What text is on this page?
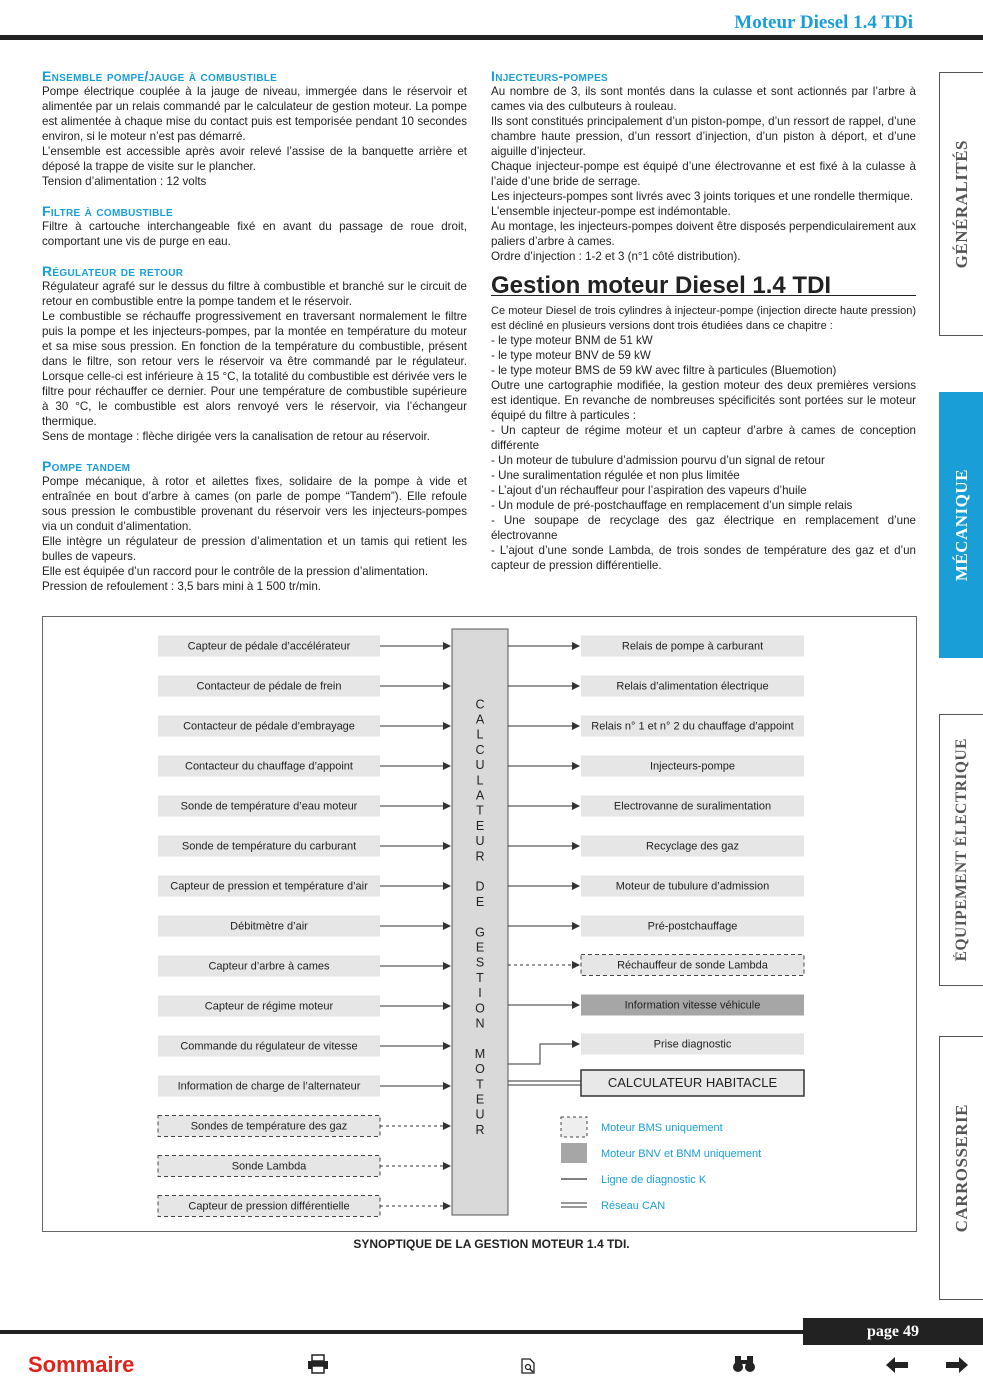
Moteur Diesel 1.4 TDi
Ensemble pompe/jauge à combustible

Pompe électrique couplée à la jauge de niveau, immergée dans le réservoir et alimentée par un relais commandé par le calculateur de gestion moteur. La pompe est alimentée à chaque mise du contact puis est temporisée pendant 10 secondes environ, si le moteur n’est pas démarré.

L’ensemble est accessible après avoir relevé l’assise de la banquette arrière et déposé la trappe de visite sur le plancher.

Tension d’alimentation : 12 volts

Filtre à combustible

Filtre à cartouche interchangeable fixé en avant du passage de roue droit, comportant une vis de purge en eau.

Régulateur de retour

Régulateur agrafé sur le dessus du filtre à combustible et branché sur le circuit de retour en combustible entre la pompe tandem et le réservoir.

Le combustible se réchauffe progressivement en traversant normalement le filtre puis la pompe et les injecteurs-pompes, par la montée en température du moteur et sa mise sous pression. En fonction de la température du combustible, présent dans le filtre, son retour vers le réservoir va être commandé par le régulateur. Lorsque celle-ci est inférieure à 15 °C, la totalité du combustible est dérivée vers le filtre pour réchauffer ce dernier. Pour une température de combustible supérieure à 30 °C, le combustible est alors renvoyé vers le réservoir, via l’échangeur thermique.

Sens de montage : flèche dirigée vers la canalisation de retour au réservoir.

Pompe tandem

Pompe mécanique, à rotor et ailettes fixes, solidaire de la pompe à vide et entraînée en bout d’arbre à cames (on parle de pompe “Tandem”). Elle refoule sous pression le combustible provenant du réservoir vers les injecteurs-pompes via un conduit d’alimentation.

Elle intègre un régulateur de pression d’alimentation et un tamis qui retient les bulles de vapeurs.

Elle est équipée d’un raccord pour le contrôle de la pression d’alimentation.

Pression de refoulement : 3,5 bars mini à 1 500 tr/min.

Injecteurs-pompes

Au nombre de 3, ils sont montés dans la culasse et sont actionnés par l’arbre à cames via des culbuteurs à rouleau.

Ils sont constitués principalement d’un piston-pompe, d’un ressort de rappel, d’une chambre haute pression, d’un ressort d’injection, d’un piston à déport, et d’une aiguille d’injecteur.

Chaque injecteur-pompe est équipé d’une électrovanne et est fixé à la culasse à l’aide d’une bride de serrage.

Les injecteurs-pompes sont livrés avec 3 joints toriques et une rondelle thermique.

L’ensemble injecteur-pompe est indémontable.

Au montage, les injecteurs-pompes doivent être disposés perpendiculairement aux paliers d’arbre à cames.

Ordre d’injection : 1-2 et 3 (n°1 côté distribution).

Gestion moteur Diesel 1.4 TDI

Ce moteur Diesel de trois cylindres à injecteur-pompe (injection directe haute pression) est décliné en plusieurs versions dont trois étudiées dans ce chapitre :

- le type moteur BNM de 51 kW

- le type moteur BNV de 59 kW

- le type moteur BMS de 59 kW avec filtre à particules (Bluemotion)

Outre une cartographie modifiée, la gestion moteur des deux premières versions est identique. En revanche de nombreuses spécificités sont portées sur le moteur équipé du filtre à particules :

- Un capteur de régime moteur et un capteur d’arbre à cames de conception différente

- Un moteur de tubulure d’admission pourvu d’un signal de retour

- Une suralimentation régulée et non plus limitée

- L’ajout d’un réchauffeur pour l’aspiration des vapeurs d’huile

- Un module de pré-postchauffage en remplacement d’un simple relais

- Une soupape de recyclage des gaz électrique en remplacement d’une électrovanne

- L’ajout d’une sonde Lambda, de trois sondes de température des gaz et d’un capteur de pression différentielle.

GÉNÉRALITÉS
MÉCANIQUE
ÉQUIPEMENT ÉLECTRIQUE
CARROSSERIE
C
A
L
C
U
L
A
T
E
U
R
D
E
G
E
S
T
I
O
N
M
O
T
E
U
R
Capteur de pédale d’accélérateur
Contacteur de pédale de frein
Contacteur de pédale d’embrayage
Contacteur du chauffage d’appoint
Sonde de température d’eau moteur
Sonde de température du carburant
Capteur de pression et température d’air
Débitmètre d’air
Capteur d’arbre à cames
Capteur de régime moteur
Commande du régulateur de vitesse
Information de charge de l’alternateur
Sondes de température des gaz
Sonde Lambda
Capteur de pression différentielle
Relais de pompe à carburant
Relais d’alimentation électrique
Relais n° 1 et n° 2 du chauffage d’appoint
Injecteurs-pompe
Electrovanne de suralimentation
Recyclage des gaz
Moteur de tubulure d’admission
Pré-postchauffage
Réchauffeur de sonde Lambda
Information vitesse véhicule
Prise diagnostic
CALCULATEUR HABITACLE
Moteur BMS uniquement
Moteur BNV et BNM uniquement
Ligne de diagnostic K
Réseau CAN
SYNOPTIQUE DE LA GESTION MOTEUR 1.4 TDI.
page 49
Sommaire
